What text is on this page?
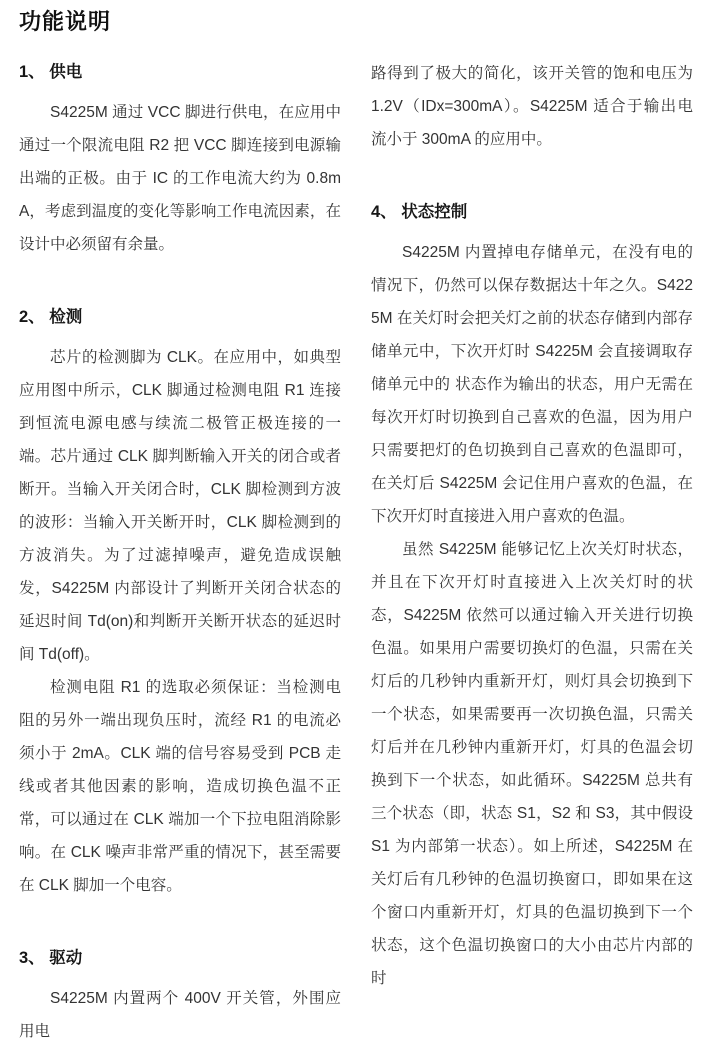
功能说明
1、 供电

S4225M 通过 VCC 脚进行供电，在应用中通过一个限流电阻 R2 把 VCC 脚连接到电源输出端的正极。由于 IC 的工作电流大约为 0.8mA，考虑到温度的变化等影响工作电流因素，在设计中必须留有余量。

2、 检测

芯片的检测脚为 CLK。在应用中，如典型应用图中所示，CLK 脚通过检测电阻 R1 连接到恒流电源电感与续流二极管正极连接的一端。芯片通过 CLK 脚判断输入开关的闭合或者断开。当输入开关闭合时，CLK 脚检测到方波的波形：当输入开关断开时，CLK 脚检测到的方波消失。为了过滤掉噪声，避免造成误触发，S4225M 内部设计了判断开关闭合状态的延迟时间 Td(on)和判断开关断开状态的延迟时间 Td(off)。

检测电阻 R1 的选取必须保证：当检测电阻的另外一端出现负压时，流经 R1 的电流必须小于 2mA。CLK 端的信号容易受到 PCB 走线或者其他因素的影响，造成切换色温不正常，可以通过在 CLK 端加一个下拉电阻消除影响。在 CLK 噪声非常严重的情况下，甚至需要在 CLK 脚加一个电容。

3、 驱动

S4225M 内置两个 400V 开关管，外围应用电

路得到了极大的简化，该开关管的饱和电压为 1.2V（IDx=300mA）。S4225M 适合于输出电流小于 300mA 的应用中。

4、 状态控制

S4225M 内置掉电存储单元，在没有电的情况下，仍然可以保存数据达十年之久。S4225M 在关灯时会把关灯之前的状态存储到内部存储单元中，下次开灯时 S4225M 会直接调取存储单元中的 状态作为输出的状态，用户无需在每次开灯时切换到自己喜欢的色温，因为用户只需要把灯的色切换到自己喜欢的色温即可，在关灯后 S4225M 会记住用户喜欢的色温，在下次开灯时直接进入用户喜欢的色温。

虽然 S4225M 能够记忆上次关灯时状态，并且在下次开灯时直接进入上次关灯时的状态，S4225M 依然可以通过输入开关进行切换色温。如果用户需要切换灯的色温，只需在关灯后的几秒钟内重新开灯，则灯具会切换到下一个状态，如果需要再一次切换色温，只需关灯后并在几秒钟内重新开灯，灯具的色温会切换到下一个状态，如此循环。S4225M 总共有三个状态（即，状态 S1，S2 和 S3，其中假设 S1 为内部第一状态）。如上所述，S4225M 在关灯后有几秒钟的色温切换窗口，即如果在这个窗口内重新开灯，灯具的色温切换到下一个状态，这个色温切换窗口的大小由芯片内部的时
